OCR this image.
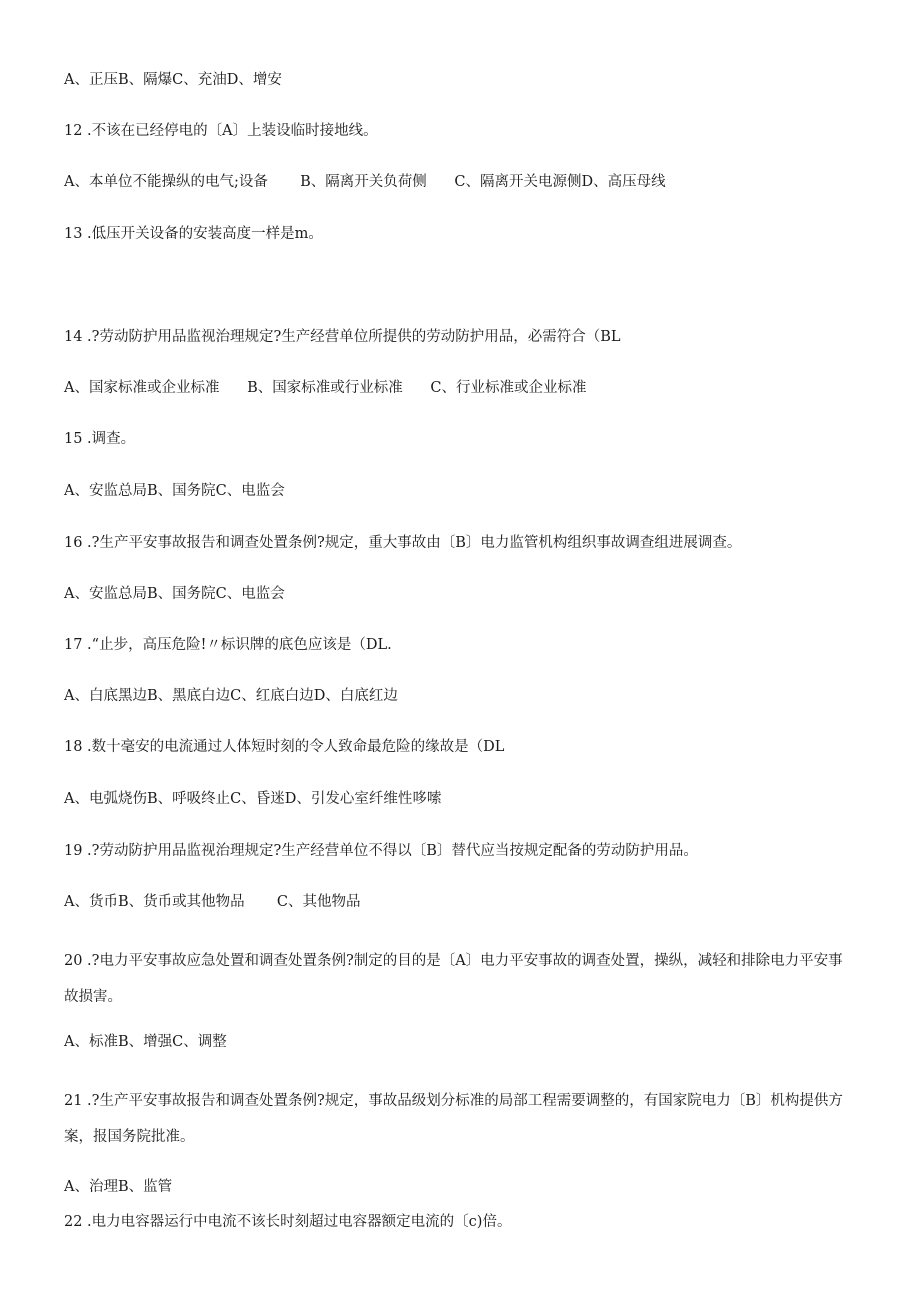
A、正压B、隔爆C、充油D、增安
12 .不该在已经停电的〔A〕上装设临时接地线。
A、本单位不能操纵的电气;设备       B、隔离开关负荷侧      C、隔离开关电源侧D、高压母线
13 .低压开关设备的安装高度一样是m。
14 .?劳动防护用品监视治理规定?生产经营单位所提供的劳动防护用品，必需符合（BL
A、国家标准或企业标准      B、国家标准或行业标准      C、行业标准或企业标准
15 .调查。
A、安监总局B、国务院C、电监会
16 .?生产平安事故报告和调查处置条例?规定，重大事故由〔B〕电力监管机构组织事故调查组进展调查。
A、安监总局B、国务院C、电监会
17 .“止步，高压危险!〃标识牌的底色应该是（DL.
A、白底黑边B、黑底白边C、红底白边D、白底红边
18 .数十毫安的电流通过人体短时刻的令人致命最危险的缘故是（DL
A、电弧烧伤B、呼吸终止C、昏迷D、引发心室纤维性哆嗦
19 .?劳动防护用品监视治理规定?生产经营单位不得以〔B〕替代应当按规定配备的劳动防护用品。
A、货币B、货币或其他物品       C、其他物品
20 .?电力平安事故应急处置和调查处置条例?制定的目的是〔A〕电力平安事故的调查处置，操纵，减轻和排除电力平安事故损害。
A、标准B、增强C、调整
21 .?生产平安事故报告和调查处置条例?规定，事故品级划分标准的局部工程需要调整的，有国家院电力〔B〕机构提供方案，报国务院批准。
A、治理B、监管
22 .电力电容器运行中电流不该长时刻超过电容器额定电流的〔c)倍。
